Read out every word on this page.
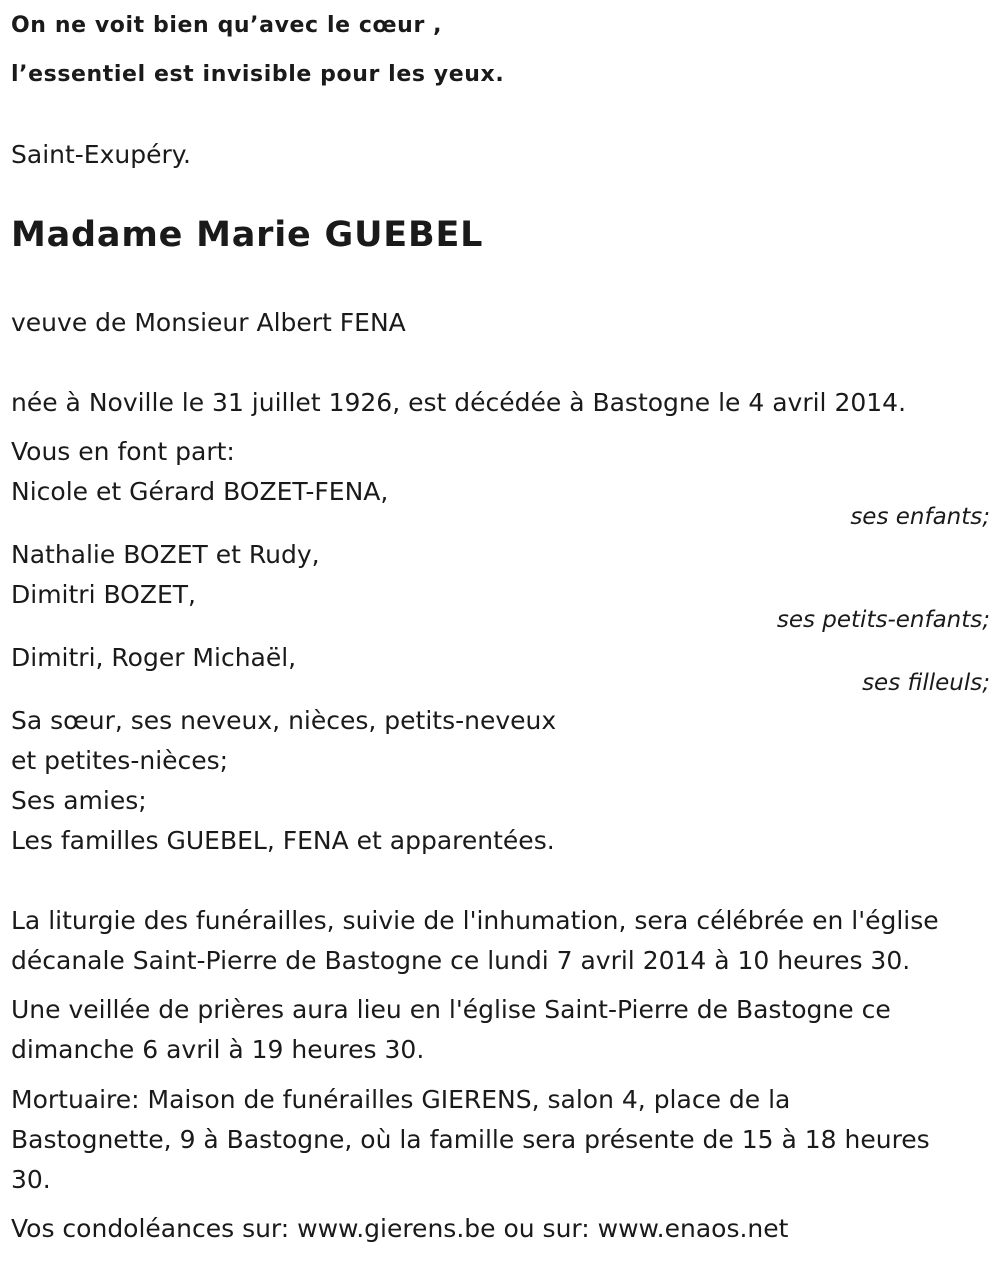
On ne voit bien qu’avec le cœur ,
l’essentiel est invisible pour les yeux.
Saint-Exupéry.
Madame Marie GUEBEL
veuve de Monsieur Albert FENA
née à Noville le 31 juillet 1926, est décédée à Bastogne le 4 avril 2014.
Vous en font part:
Nicole et Gérard BOZET-FENA,
ses enfants;
Nathalie BOZET et Rudy,
Dimitri BOZET,
ses petits-enfants;
Dimitri, Roger Michaël,
ses filleuls;
Sa sœur, ses neveux, nièces, petits-neveux
et petites-nièces;
Ses amies;
Les familles GUEBEL, FENA et apparentées.
La liturgie des funérailles, suivie de l'inhumation, sera célébrée en l'église
décanale Saint-Pierre de Bastogne ce lundi 7 avril 2014 à 10 heures 30.
Une veillée de prières aura lieu en l'église Saint-Pierre de Bastogne ce
dimanche 6 avril à 19 heures 30.
Mortuaire: Maison de funérailles GIERENS, salon 4, place de la
Bastognette, 9 à Bastogne, où la famille sera présente de 15 à 18 heures
30.
Vos condoléances sur: www.gierens.be ou sur: www.enaos.net
